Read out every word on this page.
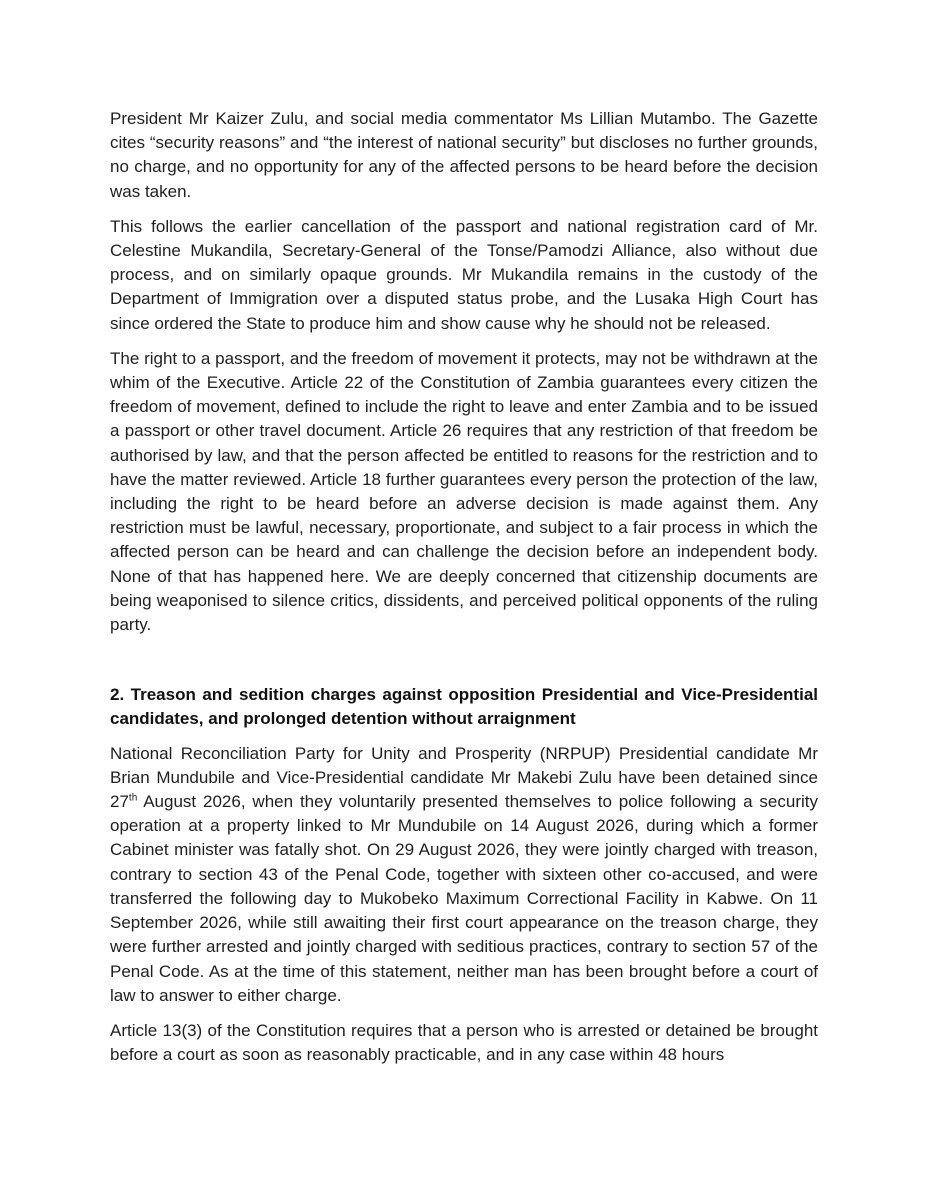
President Mr Kaizer Zulu, and social media commentator Ms Lillian Mutambo. The Gazette cites “security reasons” and “the interest of national security” but discloses no further grounds, no charge, and no opportunity for any of the affected persons to be heard before the decision was taken.

This follows the earlier cancellation of the passport and national registration card of Mr. Celestine Mukandila, Secretary-General of the Tonse/Pamodzi Alliance, also without due process, and on similarly opaque grounds. Mr Mukandila remains in the custody of the Department of Immigration over a disputed status probe, and the Lusaka High Court has since ordered the State to produce him and show cause why he should not be released.

The right to a passport, and the freedom of movement it protects, may not be withdrawn at the whim of the Executive. Article 22 of the Constitution of Zambia guarantees every citizen the freedom of movement, defined to include the right to leave and enter Zambia and to be issued a passport or other travel document. Article 26 requires that any restriction of that freedom be authorised by law, and that the person affected be entitled to reasons for the restriction and to have the matter reviewed. Article 18 further guarantees every person the protection of the law, including the right to be heard before an adverse decision is made against them. Any restriction must be lawful, necessary, proportionate, and subject to a fair process in which the affected person can be heard and can challenge the decision before an independent body. None of that has happened here. We are deeply concerned that citizenship documents are being weaponised to silence critics, dissidents, and perceived political opponents of the ruling party.

2. Treason and sedition charges against opposition Presidential and Vice-Presidential candidates, and prolonged detention without arraignment

National Reconciliation Party for Unity and Prosperity (NRPUP) Presidential candidate Mr Brian Mundubile and Vice-Presidential candidate Mr Makebi Zulu have been detained since 27th August 2026, when they voluntarily presented themselves to police following a security operation at a property linked to Mr Mundubile on 14 August 2026, during which a former Cabinet minister was fatally shot. On 29 August 2026, they were jointly charged with treason, contrary to section 43 of the Penal Code, together with sixteen other co-accused, and were transferred the following day to Mukobeko Maximum Correctional Facility in Kabwe. On 11 September 2026, while still awaiting their first court appearance on the treason charge, they were further arrested and jointly charged with seditious practices, contrary to section 57 of the Penal Code. As at the time of this statement, neither man has been brought before a court of law to answer to either charge.

Article 13(3) of the Constitution requires that a person who is arrested or detained be brought before a court as soon as reasonably practicable, and in any case within 48 hours
